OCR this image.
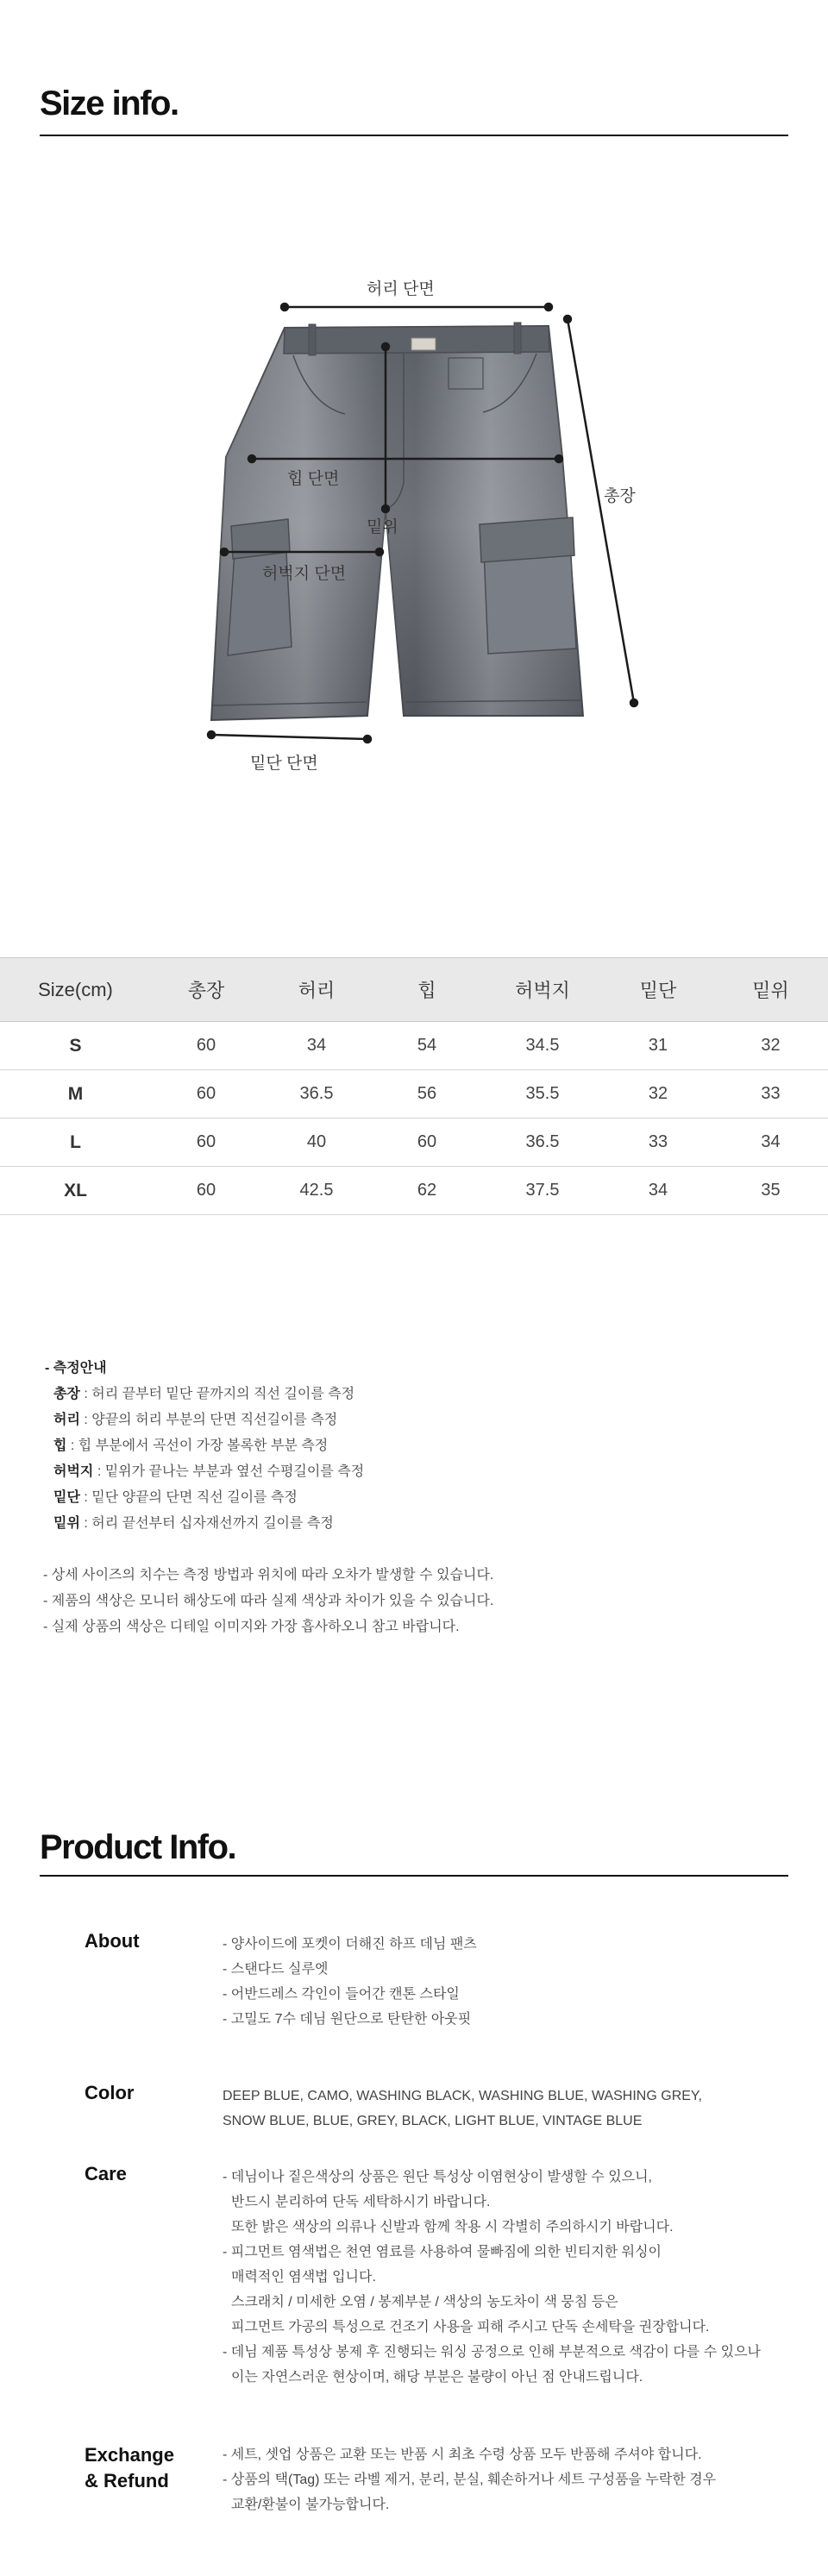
Size info.
허리 단면
힙 단면
밑위
허벅지 단면
밑단 단면
총장
Size(cm)	총장	허리	힙	허벅지	밑단	밑위
S	60	34	54	34.5	31	32
M	60	36.5	56	35.5	32	33
L	60	40	60	36.5	33	34
XL	60	42.5	62	37.5	34	35
- 측정안내
총장 : 허리 끝부터 밑단 끝까지의 직선 길이를 측정
허리 : 양끝의 허리 부분의 단면 직선길이를 측정
힙 : 힙 부분에서 곡선이 가장 볼록한 부분 측정
허벅지 : 밑위가 끝나는 부분과 옆선 수평길이를 측정
밑단 : 밑단 양끝의 단면 직선 길이를 측정
밑위 : 허리 끝선부터 십자재선까지 길이를 측정
- 상세 사이즈의 치수는 측정 방법과 위치에 따라 오차가 발생할 수 있습니다.
- 제품의 색상은 모니터 해상도에 따라 실제 색상과 차이가 있을 수 있습니다.
- 실제 상품의 색상은 디테일 이미지와 가장 흡사하오니 참고 바랍니다.
Product Info.
About	- 양사이드에 포켓이 더해진 하프 데님 팬츠
- 스탠다드 실루엣
- 어반드레스 각인이 들어간 캔톤 스타일
- 고밀도 7수 데님 원단으로 탄탄한 아웃핏
Color	DEEP BLUE, CAMO, WASHING BLACK, WASHING BLUE, WASHING GREY,
SNOW BLUE, BLUE, GREY, BLACK, LIGHT BLUE, VINTAGE BLUE
Care	- 데님이나 짙은색상의 상품은 원단 특성상 이염현상이 발생할 수 있으니,
반드시 분리하여 단독 세탁하시기 바랍니다.
또한 밝은 색상의 의류나 신발과 함께 착용 시 각별히 주의하시기 바랍니다.
- 피그먼트 염색법은 천연 염료를 사용하여 물빠짐에 의한 빈티지한 워싱이
매력적인 염색법 입니다.
스크래치 / 미세한 오염 / 봉제부분 / 색상의 농도차이 색 뭉침 등은
피그먼트 가공의 특성으로 건조기 사용을 피해 주시고 단독 손세탁을 권장합니다.
- 데님 제품 특성상 봉제 후 진행되는 워싱 공정으로 인해 부분적으로 색감이 다를 수 있으나
이는 자연스러운 현상이며, 해당 부분은 불량이 아닌 점 안내드립니다.
Exchange
& Refund
- 세트, 셋업 상품은 교환 또는 반품 시 최초 수령 상품 모두 반품해 주셔야 합니다.
- 상품의 택(Tag) 또는 라벨 제거, 분리, 분실, 훼손하거나 세트 구성품을 누락한 경우
교환/환불이 불가능합니다.
